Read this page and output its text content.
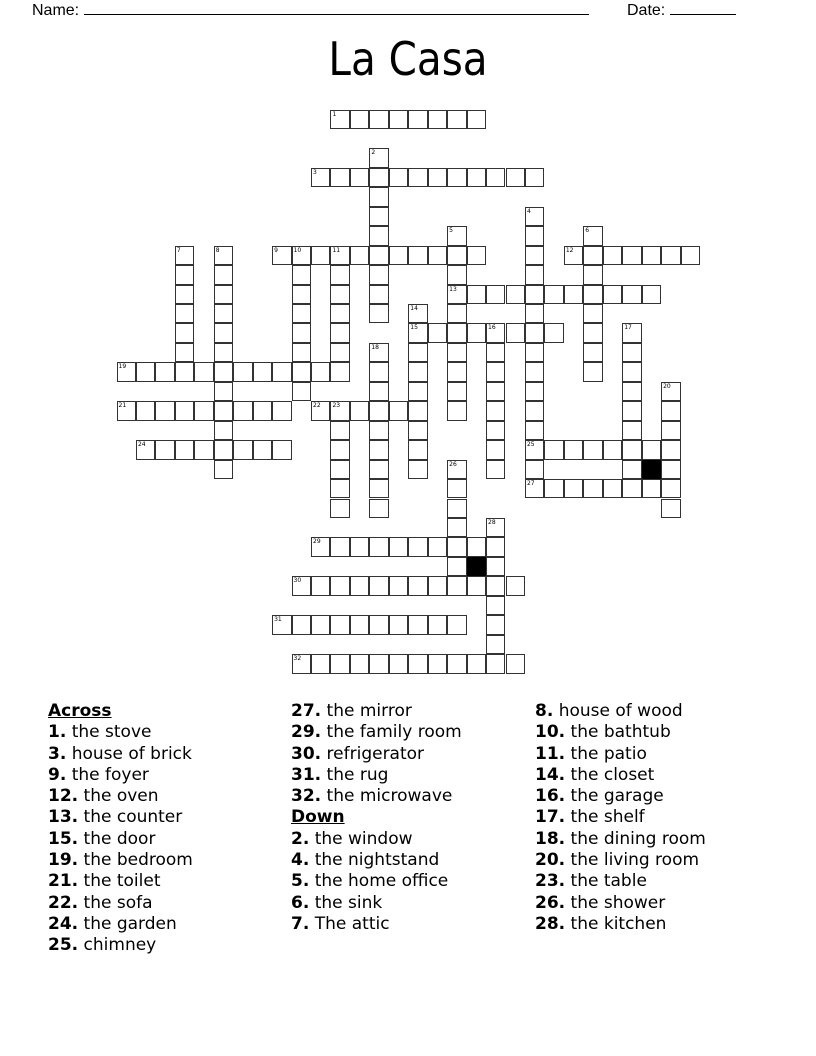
Name:	Date:
La Casa
1
2
3
4
25
27
5
13
6
7	8	9	10	11	12
14
15	16	17
18
19
20
21	22 23
24
26
28
29
30
31
32
Across
1 . the stove
3 . house of brick
9 . the foyer
12 . the oven
13 . the counter
15 . the door
19 . the bedroom
21 . the toilet
22 . the sofa
24 . the garden
25 . chimney
27 . the mirror
29 . the family room
30 . refrigerator
31 . the rug
32 . the microwave
Down
2 . the window
4 . the nightstand
5 . the home office
6 . the sink
7 . The attic
8 . house of wood
10 . the bathtub
11 . the patio
14 . the closet
16 . the garage
17 . the shelf
18 . the dining room
20 . the living room
23 . the table
26 . the shower
28 . the kitchen
